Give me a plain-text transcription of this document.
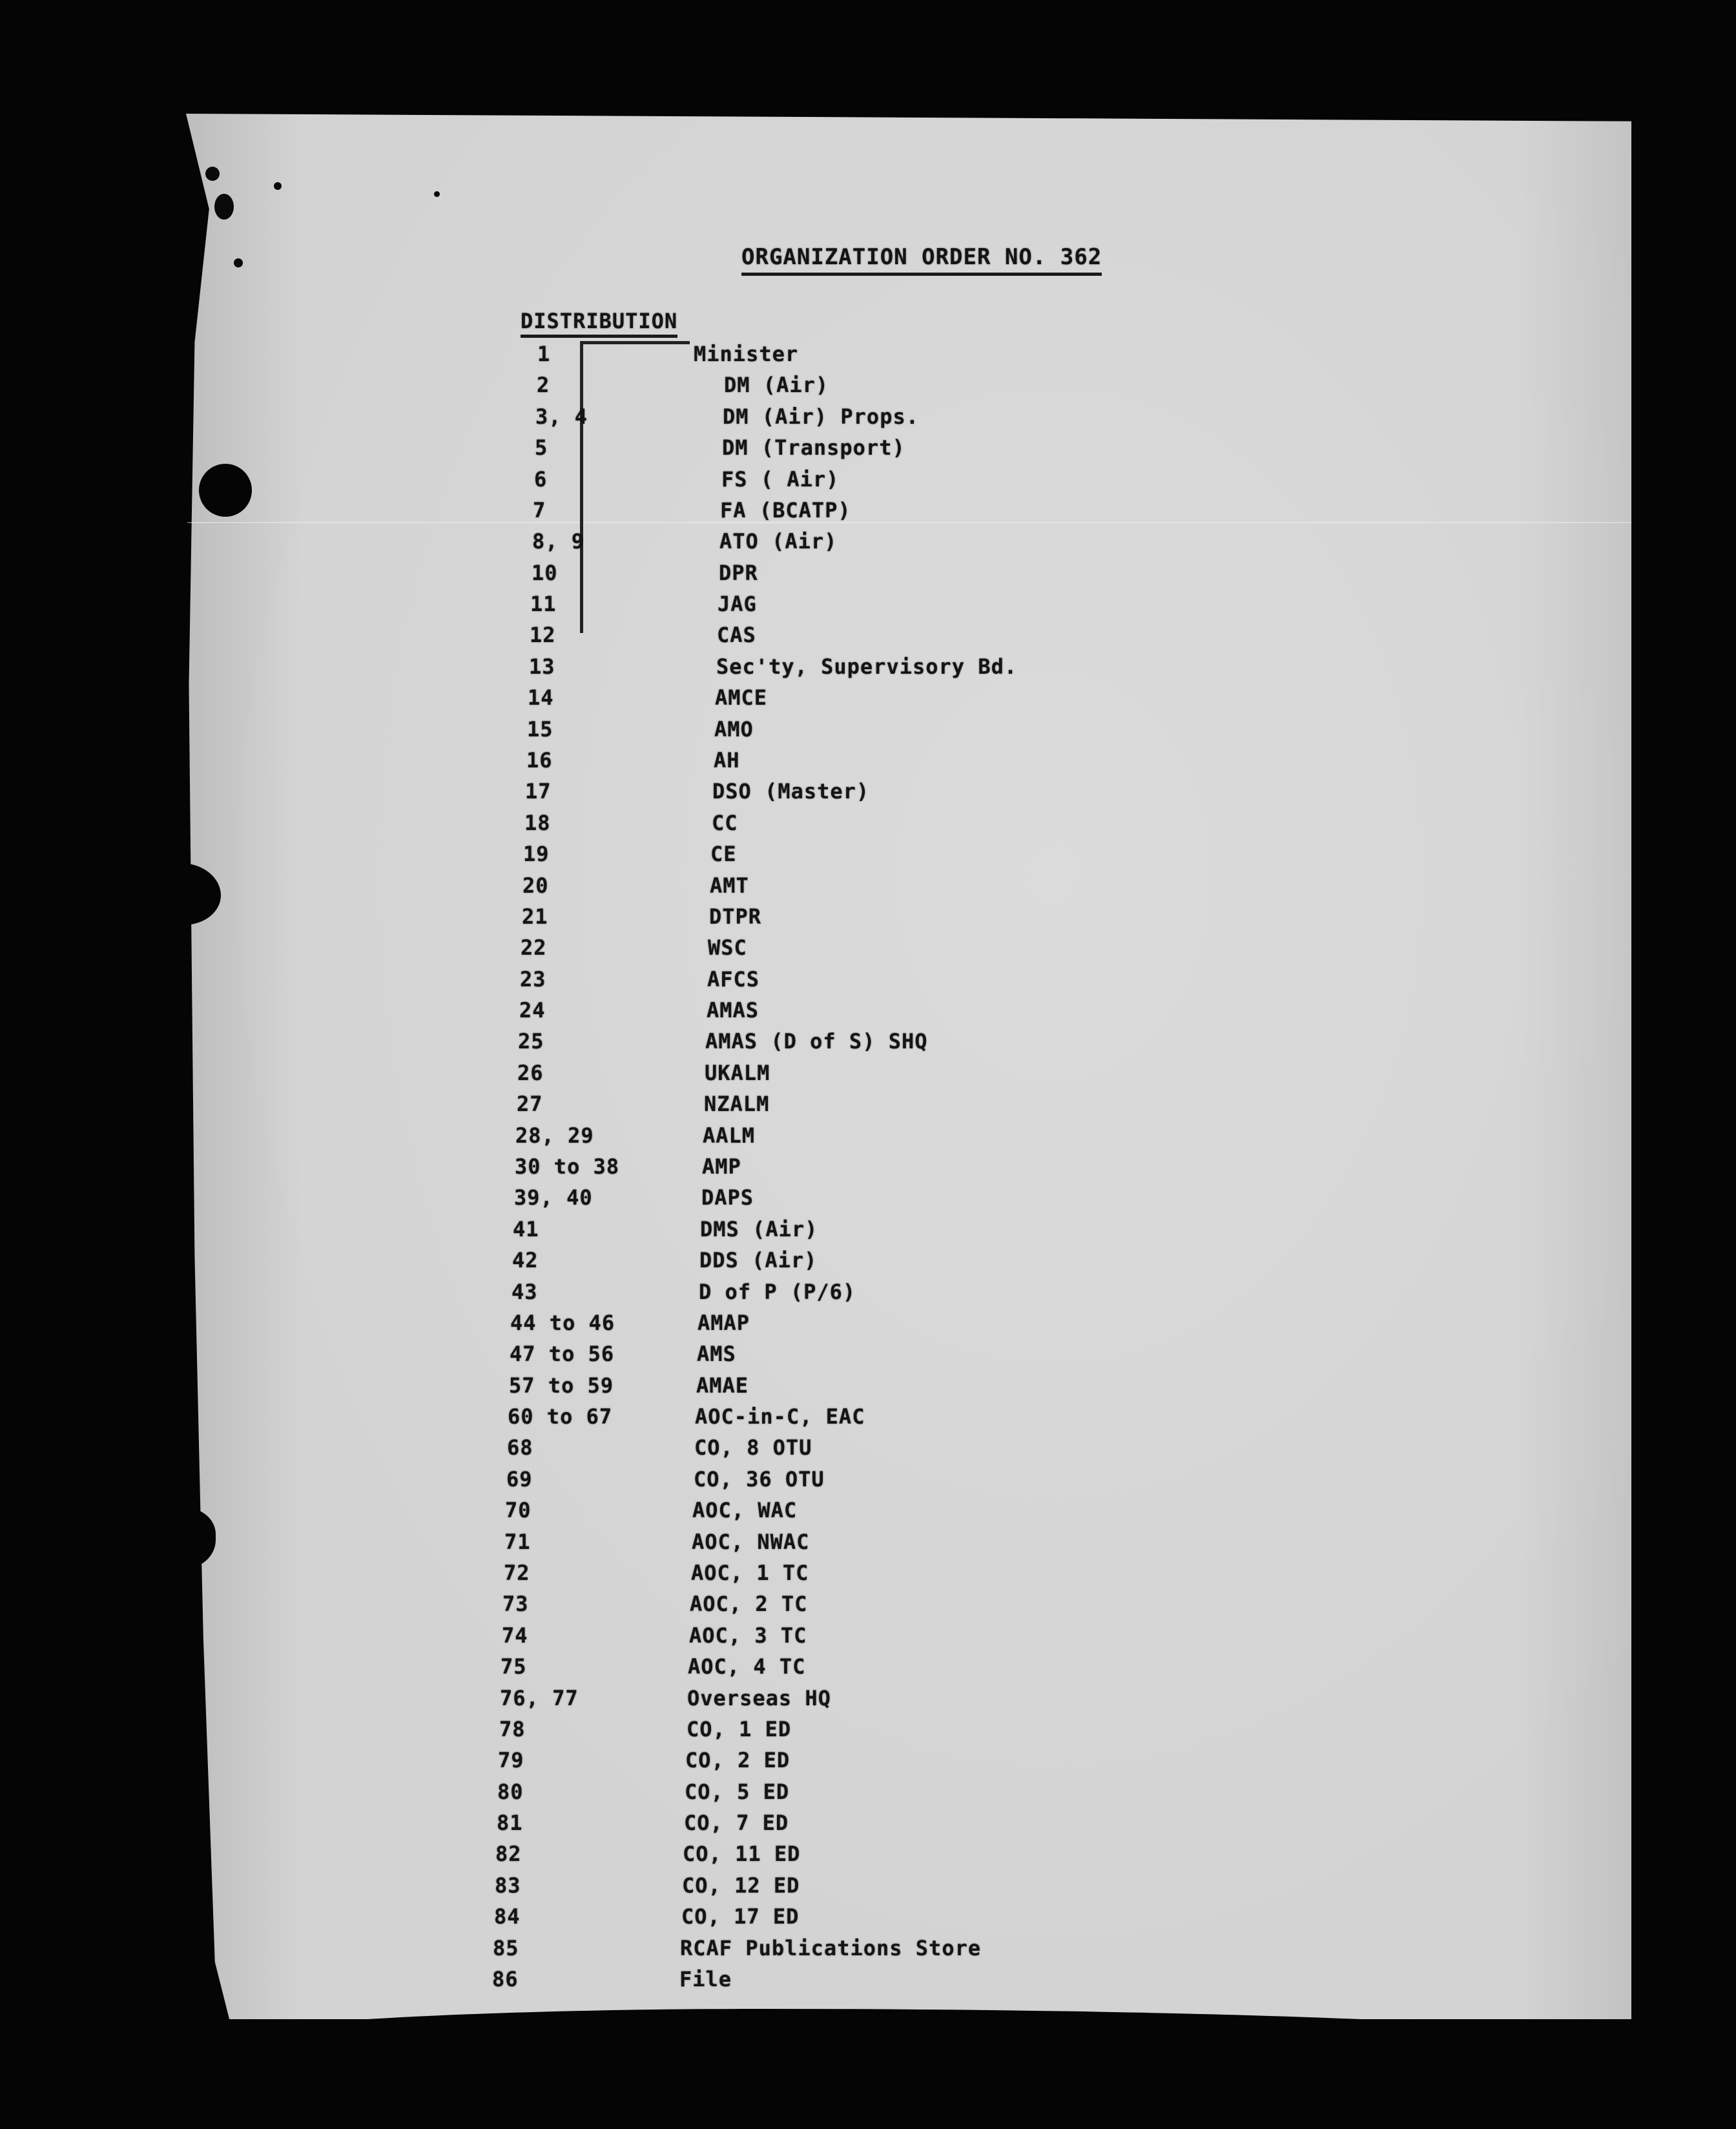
ORGANIZATION ORDER NO. 362
DISTRIBUTION
1	Minister
2	DM (Air)
3, 4	DM (Air) Props.
5	DM (Transport)
6	FS ( Air)
7	FA (BCATP)
8, 9	ATO (Air)
10	DPR
11	JAG
12	CAS
13	Sec'ty, Supervisory Bd.
14	AMCE
15	AMO
16	AH
17	DSO (Master)
18	CC
19	CE
20	AMT
21	DTPR
22	WSC
23	AFCS
24	AMAS
25	AMAS (D of S) SHQ
26	UKALM
27	NZALM
28, 29	AALM
30 to 38	AMP
39, 40	DAPS
41	DMS (Air)
42	DDS (Air)
43	D of P (P/6)
44 to 46	AMAP
47 to 56	AMS
57 to 59	AMAE
60 to 67	AOC-in-C, EAC
68	CO, 8 OTU
69	CO, 36 OTU
70	AOC, WAC
71	AOC, NWAC
72	AOC, 1 TC
73	AOC, 2 TC
74	AOC, 3 TC
75	AOC, 4 TC
76, 77	Overseas HQ
78	CO, 1 ED
79	CO, 2 ED
80	CO, 5 ED
81	CO, 7 ED
82	CO, 11 ED
83	CO, 12 ED
84	CO, 17 ED
85	RCAF Publications Store
86	File
